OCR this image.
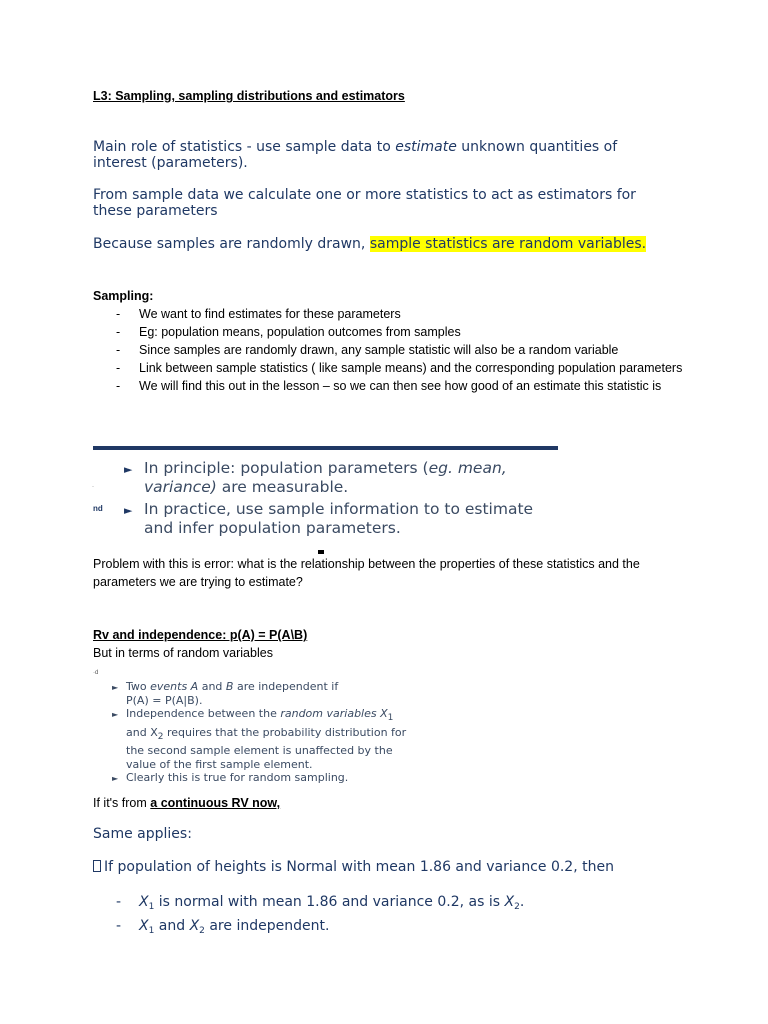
L3: Sampling, sampling distributions and estimators
Main role of statistics - use sample data to estimate unknown quantities of interest (parameters).
From sample data we calculate one or more statistics to act as estimators for these parameters
Because samples are randomly drawn, sample statistics are random variables.
Sampling:
- We want to find estimates for these parameters
- Eg: population means, population outcomes from samples
- Since samples are randomly drawn, any sample statistic will also be a random variable
- Link between sample statistics ( like sample means) and the corresponding population parameters
- We will find this out in the lesson – so we can then see how good of an estimate this statistic is
·
nd
► In principle: population parameters (eg. mean, variance) are measurable.
► In practice, use sample information to to estimate and infer population parameters.
Problem with this is error: what is the relationship between the properties of these statistics and the parameters we are trying to estimate?
Rv and independence: p(A) = P(A\B)
But in terms of random variables
·d
► Two events A and B are independent if
P(A) = P(A|B).
► Independence between the random variables $X_1$
and $X_2$ requires that the probability distribution for the second sample element is unaffected by the value of the first sample element.
► Clearly this is true for random sampling.
If it's from a continuous RV now,
Same applies:
If population of heights is Normal with mean 1.86 and variance 0.2, then
- $X_1$ is normal with mean 1.86 and variance 0.2, as is $X_2$.
- $X_1$ and $X_2$ are independent.
